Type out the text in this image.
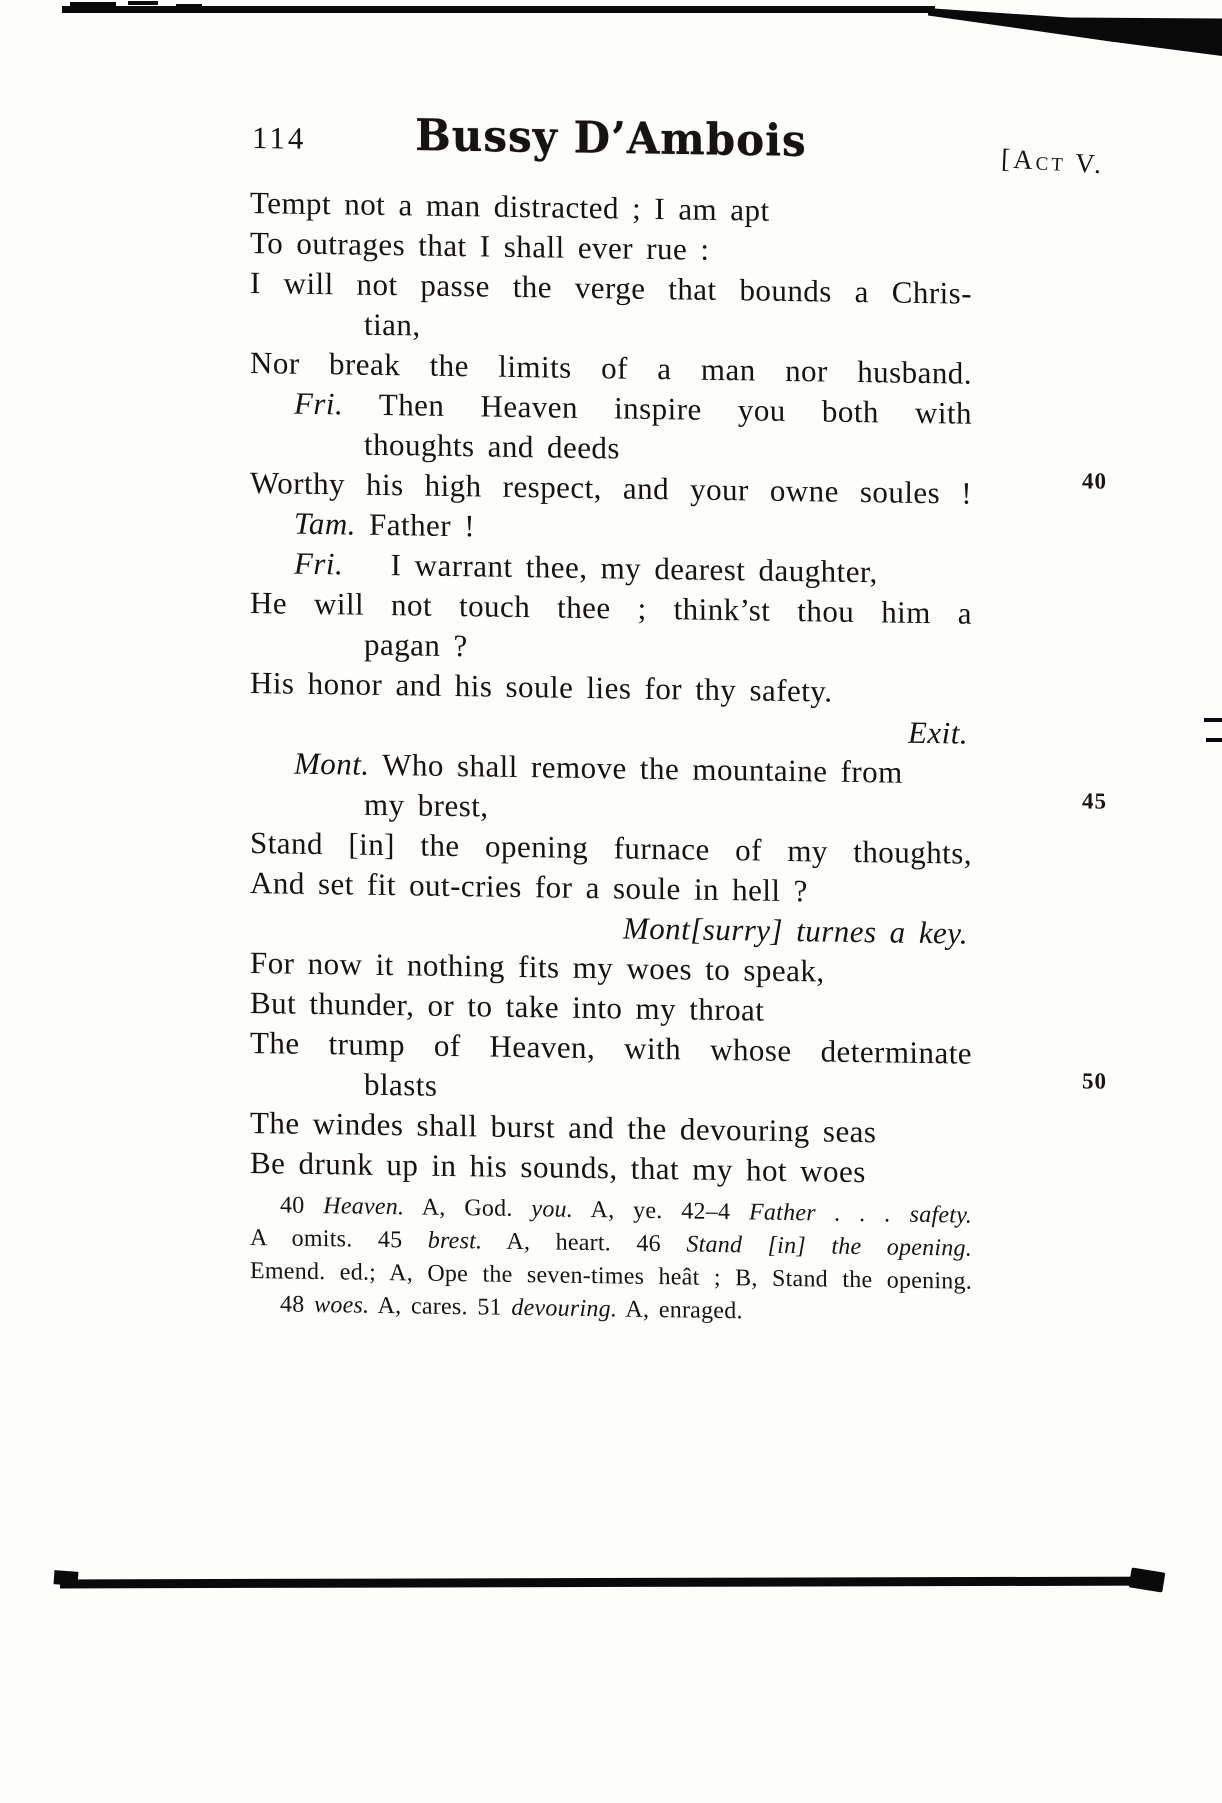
114	Bussy D’Ambois	[Act V.
Tempt not a man distracted ; I am apt
To outrages that I shall ever rue :
I will not passe the verge that bounds a Chris-
tian,
Nor break the limits of a man nor husband.
Fri. Then Heaven inspire you both with
thoughts and deeds
Worthy his high respect, and your owne soules !	40
Tam. Father !
Fri.  I warrant thee, my dearest daughter,
He will not touch thee ; think’st thou him a
pagan ?
His honor and his soule lies for thy safety.
Exit.
Mont. Who shall remove the mountaine from
my brest,	45
Stand [in] the opening furnace of my thoughts,
And set fit out-cries for a soule in hell ?
Mont[surry] turnes a key.
For now it nothing fits my woes to speak,
But thunder, or to take into my throat
The trump of Heaven, with whose determinate
blasts	50
The windes shall burst and the devouring seas
Be drunk up in his sounds, that my hot woes
40 Heaven. A, God. you. A, ye. 42–4 Father . . . safety.
A omits. 45 brest. A, heart. 46 Stand [in] the opening.
Emend. ed.; A, Ope the seven-times heât ; B, Stand the opening.
48 woes. A, cares. 51 devouring. A, enraged.
